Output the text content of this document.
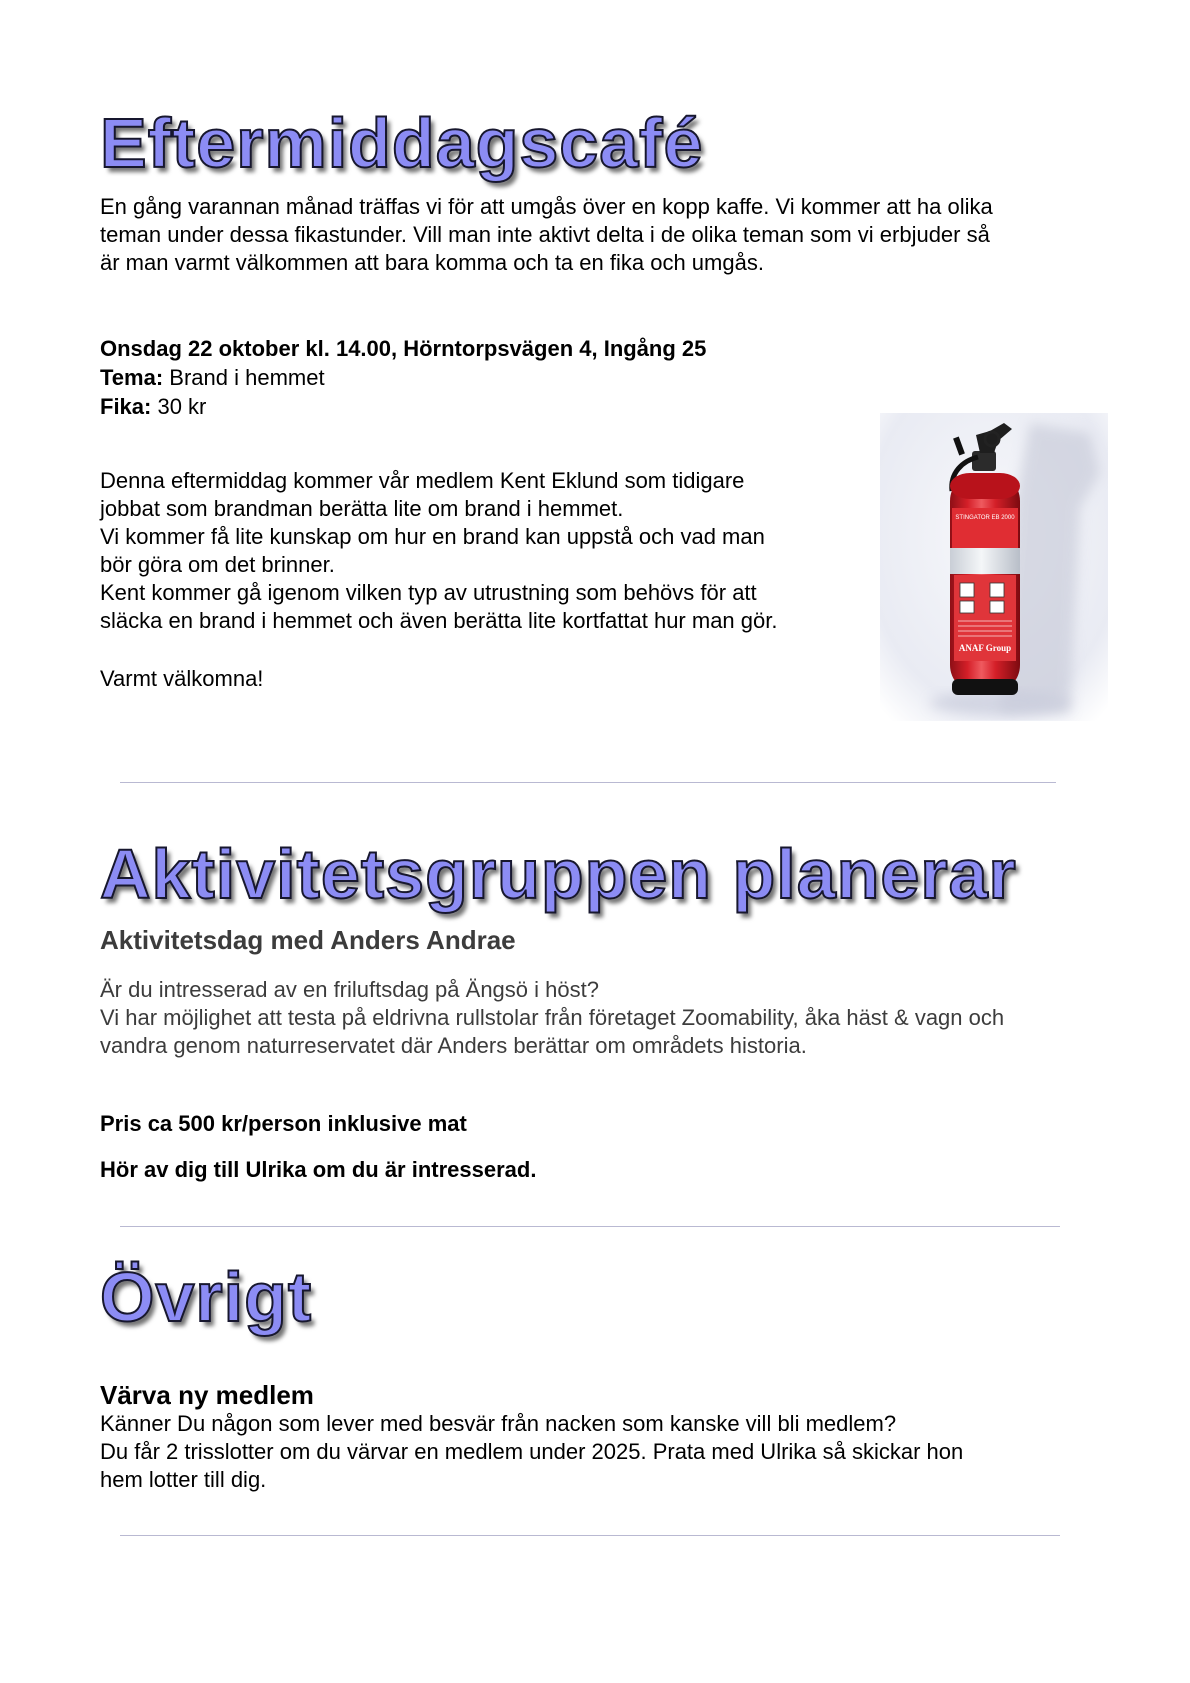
Eftermiddagscafé
En gång varannan månad träffas vi för att umgås över en kopp kaffe. Vi kommer att ha olika
teman under dessa fikastunder. Vill man inte aktivt delta i de olika teman som vi erbjuder så
är man varmt välkommen att bara komma och ta en fika och umgås.
Onsdag 22 oktober kl. 14.00, Hörntorpsvägen 4, Ingång 25
Tema: Brand i hemmet
Fika: 30 kr
Denna eftermiddag kommer vår medlem Kent Eklund som tidigare
jobbat som brandman berätta lite om brand i hemmet.
Vi kommer få lite kunskap om hur en brand kan uppstå och vad man
bör göra om det brinner.
Kent kommer gå igenom vilken typ av utrustning som behövs för att
släcka en brand i hemmet och även berätta lite kortfattat hur man gör.
Varmt välkomna!
STINGATOR EB 2000
ANAF Group
Aktivitetsgruppen planerar
Aktivitetsdag med Anders Andrae
Är du intresserad av en friluftsdag på Ängsö i höst?
Vi har möjlighet att testa på eldrivna rullstolar från företaget Zoomability, åka häst & vagn och
vandra genom naturreservatet där Anders berättar om områdets historia.
Pris ca 500 kr/person inklusive mat
Hör av dig till Ulrika om du är intresserad.
Övrigt
Värva ny medlem
Känner Du någon som lever med besvär från nacken som kanske vill bli medlem?
Du får 2 trisslotter om du värvar en medlem under 2025. Prata med Ulrika så skickar hon
hem lotter till dig.
